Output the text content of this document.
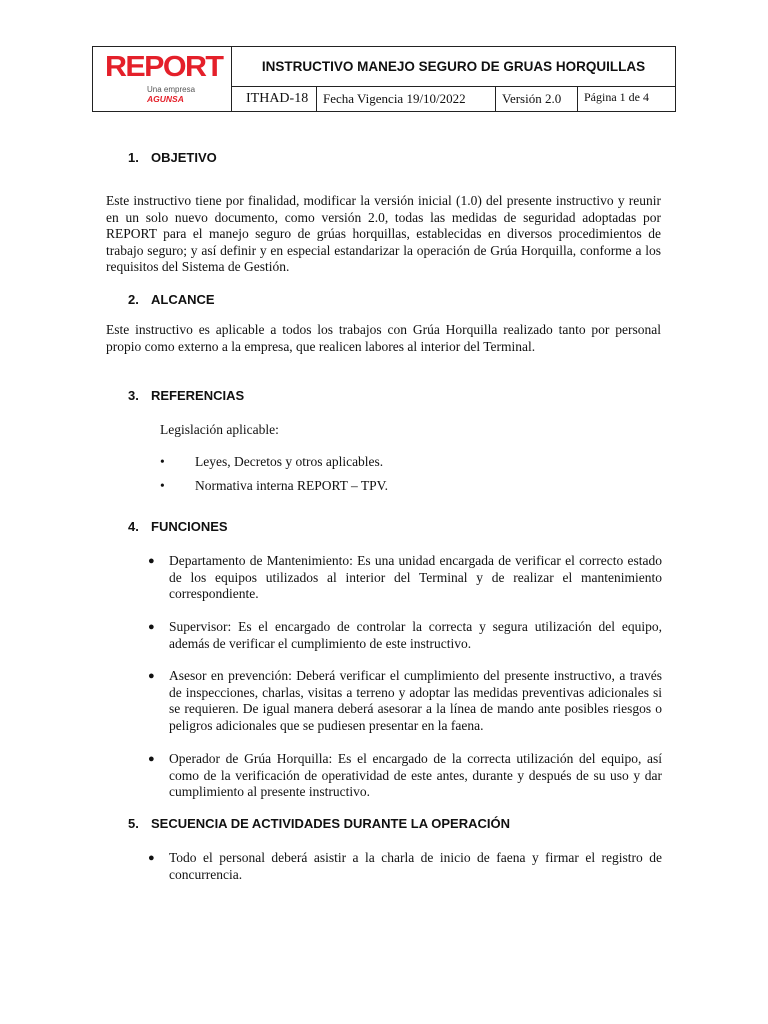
REPORT
Una empresa AGUNSA
INSTRUCTIVO MANEJO SEGURO DE GRUAS HORQUILLAS
ITHAD-18	Fecha Vigencia 19/10/2022	Versión 2.0	Página 1 de 4
1. OBJETIVO
Este instructivo tiene por finalidad, modificar la versión inicial (1.0) del presente instructivo y reunir en un solo nuevo documento, como versión 2.0, todas las medidas de seguridad adoptadas por REPORT para el manejo seguro de grúas horquillas, establecidas en diversos procedimientos de trabajo seguro; y así definir y en especial estandarizar la operación de Grúa Horquilla, conforme a los requisitos del Sistema de Gestión.
2. ALCANCE
Este instructivo es aplicable a todos los trabajos con Grúa Horquilla realizado tanto por personal propio como externo a la empresa, que realicen labores al interior del Terminal.
3. REFERENCIAS
Legislación aplicable:
• Leyes, Decretos y otros aplicables.
• Normativa interna REPORT – TPV.
4. FUNCIONES
● Departamento de Mantenimiento: Es una unidad encargada de verificar el correcto estado de los equipos utilizados al interior del Terminal y de realizar el mantenimiento correspondiente.
● Supervisor: Es el encargado de controlar la correcta y segura utilización del equipo, además de verificar el cumplimiento de este instructivo.
● Asesor en prevención: Deberá verificar el cumplimiento del presente instructivo, a través de inspecciones, charlas, visitas a terreno y adoptar las medidas preventivas adicionales si se requieren. De igual manera deberá asesorar a la línea de mando ante posibles riesgos o peligros adicionales que se pudiesen presentar en la faena.
● Operador de Grúa Horquilla: Es el encargado de la correcta utilización del equipo, así como de la verificación de operatividad de este antes, durante y después de su uso y dar cumplimiento al presente instructivo.
5. SECUENCIA DE ACTIVIDADES DURANTE LA OPERACIÓN
● Todo el personal deberá asistir a la charla de inicio de faena y firmar el registro de concurrencia.
